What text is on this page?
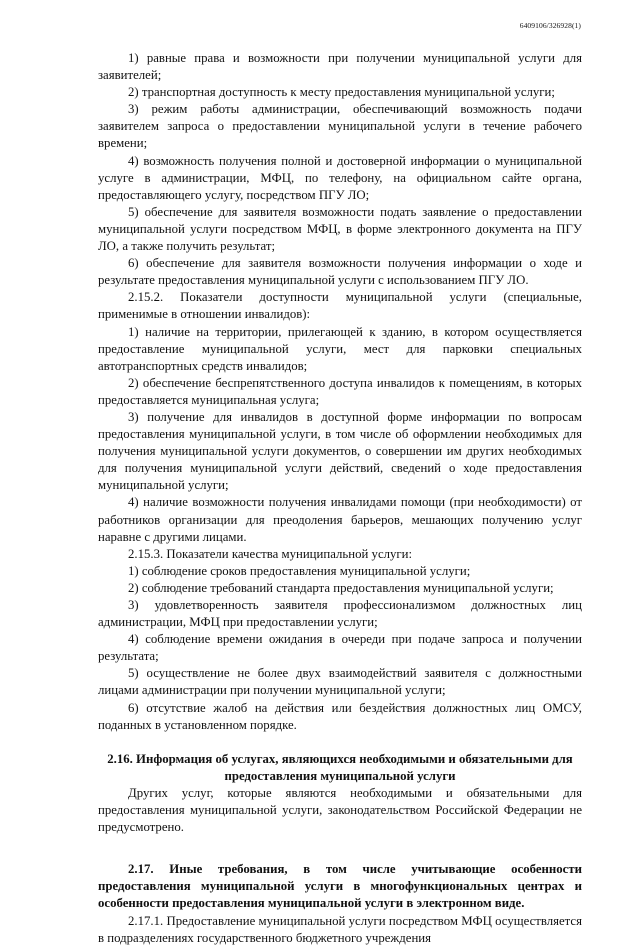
6409106/326928(1)

1) равные права и возможности при получении муниципальной услуги для заявителей;

2) транспортная доступность к месту предоставления муниципальной услуги;

3) режим работы администрации, обеспечивающий возможность подачи заявителем запроса о предоставлении муниципальной услуги в течение рабочего времени;

4) возможность получения полной и достоверной информации о муниципальной услуге в администрации, МФЦ, по телефону, на официальном сайте органа, предоставляющего услугу, посредством ПГУ ЛО;

5) обеспечение для заявителя возможности подать заявление о предоставлении муниципальной услуги посредством МФЦ, в форме электронного документа на ПГУ ЛО, а также получить результат;

6) обеспечение для заявителя возможности получения информации о ходе и результате предоставления муниципальной услуги с использованием ПГУ ЛО.

2.15.2. Показатели доступности муниципальной услуги (специальные, применимые в отношении инвалидов):

1) наличие на территории, прилегающей к зданию, в котором осуществляется предоставление муниципальной услуги, мест для парковки специальных автотранспортных средств инвалидов;

2) обеспечение беспрепятственного доступа инвалидов к помещениям, в которых предоставляется муниципальная услуга;

3) получение для инвалидов в доступной форме информации по вопросам предоставления муниципальной услуги, в том числе об оформлении необходимых для получения муниципальной услуги документов, о совершении им других необходимых для получения муниципальной услуги действий, сведений о ходе предоставления муниципальной услуги;

4) наличие возможности получения инвалидами помощи (при необходимости) от работников организации для преодоления барьеров, мешающих получению услуг наравне с другими лицами.

2.15.3. Показатели качества муниципальной услуги:

1) соблюдение сроков предоставления муниципальной услуги;

2) соблюдение требований стандарта предоставления муниципальной услуги;

3) удовлетворенность заявителя профессионализмом должностных лиц администрации, МФЦ при предоставлении услуги;

4) соблюдение времени ожидания в очереди при подаче запроса и получении результата;

5) осуществление не более двух взаимодействий заявителя с должностными лицами администрации при получении муниципальной услуги;

6) отсутствие жалоб на действия или бездействия должностных лиц ОМСУ, поданных в установленном порядке.

2.16. Информация об услугах, являющихся необходимыми и обязательными для предоставления муниципальной услуги

Других услуг, которые являются необходимыми и обязательными для предоставления муниципальной услуги, законодательством Российской Федерации не предусмотрено.

2.17. Иные требования, в том числе учитывающие особенности предоставления муниципальной услуги в многофункциональных центрах и особенности предоставления муниципальной услуги в электронном виде.

2.17.1. Предоставление муниципальной услуги посредством МФЦ осуществляется в подразделениях государственного бюджетного учреждения
